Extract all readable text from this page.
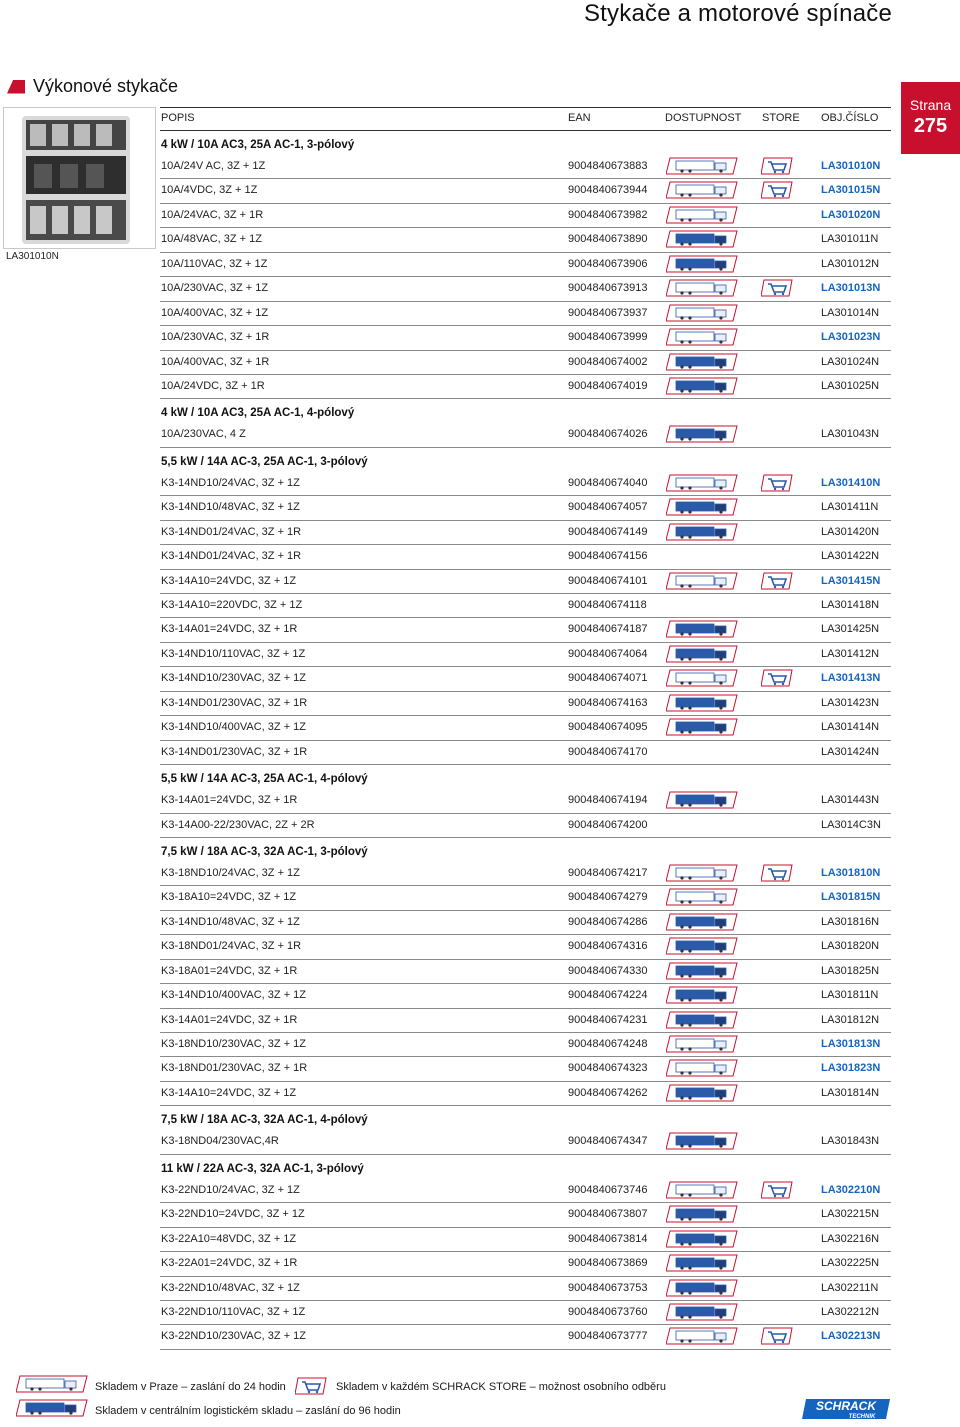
Stykače a motorové spínače
Výkonové stykače
Strana
275
LA301010N
POPIS	EAN	DOSTUPNOST STORE OBJ.ČÍSLO
4 kW / 10A AC3, 25A AC-1, 3-pólový
10A/24V AC, 3Z + 1Z	9004840673883	LA301010N
10A/4VDC, 3Z + 1Z	9004840673944	LA301015N
10A/24VAC, 3Z + 1R	9004840673982	LA301020N
10A/48VAC, 3Z + 1Z	9004840673890	LA301011N
10A/110VAC, 3Z + 1Z	9004840673906	LA301012N
10A/230VAC, 3Z + 1Z	9004840673913	LA301013N
10A/400VAC, 3Z + 1Z	9004840673937	LA301014N
10A/230VAC, 3Z + 1R	9004840673999	LA301023N
10A/400VAC, 3Z + 1R	9004840674002	LA301024N
10A/24VDC, 3Z + 1R	9004840674019	LA301025N
4 kW / 10A AC3, 25A AC-1, 4-pólový
10A/230VAC, 4 Z	9004840674026	LA301043N
5,5 kW / 14A AC-3, 25A AC-1, 3-pólový
K3-14ND10/24VAC, 3Z + 1Z	9004840674040	LA301410N
K3-14ND10/48VAC, 3Z + 1Z	9004840674057	LA301411N
K3-14ND01/24VAC, 3Z + 1R	9004840674149	LA301420N
K3-14ND01/24VAC, 3Z + 1R	9004840674156	LA301422N
K3-14A10=24VDC, 3Z + 1Z	9004840674101	LA301415N
K3-14A10=220VDC, 3Z + 1Z	9004840674118	LA301418N
K3-14A01=24VDC, 3Z + 1R	9004840674187	LA301425N
K3-14ND10/110VAC, 3Z + 1Z	9004840674064	LA301412N
K3-14ND10/230VAC, 3Z + 1Z	9004840674071	LA301413N
K3-14ND01/230VAC, 3Z + 1R	9004840674163	LA301423N
K3-14ND10/400VAC, 3Z + 1Z	9004840674095	LA301414N
K3-14ND01/230VAC, 3Z + 1R	9004840674170	LA301424N
5,5 kW / 14A AC-3, 25A AC-1, 4-pólový
K3-14A01=24VDC, 3Z + 1R	9004840674194	LA301443N
K3-14A00-22/230VAC, 2Z + 2R	9004840674200	LA3014C3N
7,5 kW / 18A AC-3, 32A AC-1, 3-pólový
K3-18ND10/24VAC, 3Z + 1Z	9004840674217	LA301810N
K3-18A10=24VDC, 3Z + 1Z	9004840674279	LA301815N
K3-14ND10/48VAC, 3Z + 1Z	9004840674286	LA301816N
K3-18ND01/24VAC, 3Z + 1R	9004840674316	LA301820N
K3-18A01=24VDC, 3Z + 1R	9004840674330	LA301825N
K3-14ND10/400VAC, 3Z + 1Z	9004840674224	LA301811N
K3-14A01=24VDC, 3Z + 1R	9004840674231	LA301812N
K3-18ND10/230VAC, 3Z + 1Z	9004840674248	LA301813N
K3-18ND01/230VAC, 3Z + 1R	9004840674323	LA301823N
K3-14A10=24VDC, 3Z + 1Z	9004840674262	LA301814N
7,5 kW / 18A AC-3, 32A AC-1, 4-pólový
K3-18ND04/230VAC,4R	9004840674347	LA301843N
11 kW / 22A AC-3, 32A AC-1, 3-pólový
K3-22ND10/24VAC, 3Z + 1Z	9004840673746	LA302210N
K3-22ND10=24VDC, 3Z + 1Z	9004840673807	LA302215N
K3-22A10=48VDC, 3Z + 1Z	9004840673814	LA302216N
K3-22A01=24VDC, 3Z + 1R	9004840673869	LA302225N
K3-22ND10/48VAC, 3Z + 1Z	9004840673753	LA302211N
K3-22ND10/110VAC, 3Z + 1Z	9004840673760	LA302212N
K3-22ND10/230VAC, 3Z + 1Z	9004840673777	LA302213N
Skladem v Praze – zaslání do 24 hodin	Skladem v každém SCHRACK STORE – možnost osobního odběru
Skladem v centrálním logistickém skladu – zaslání do 96 hodin	SCHRACK
TECHNIK
